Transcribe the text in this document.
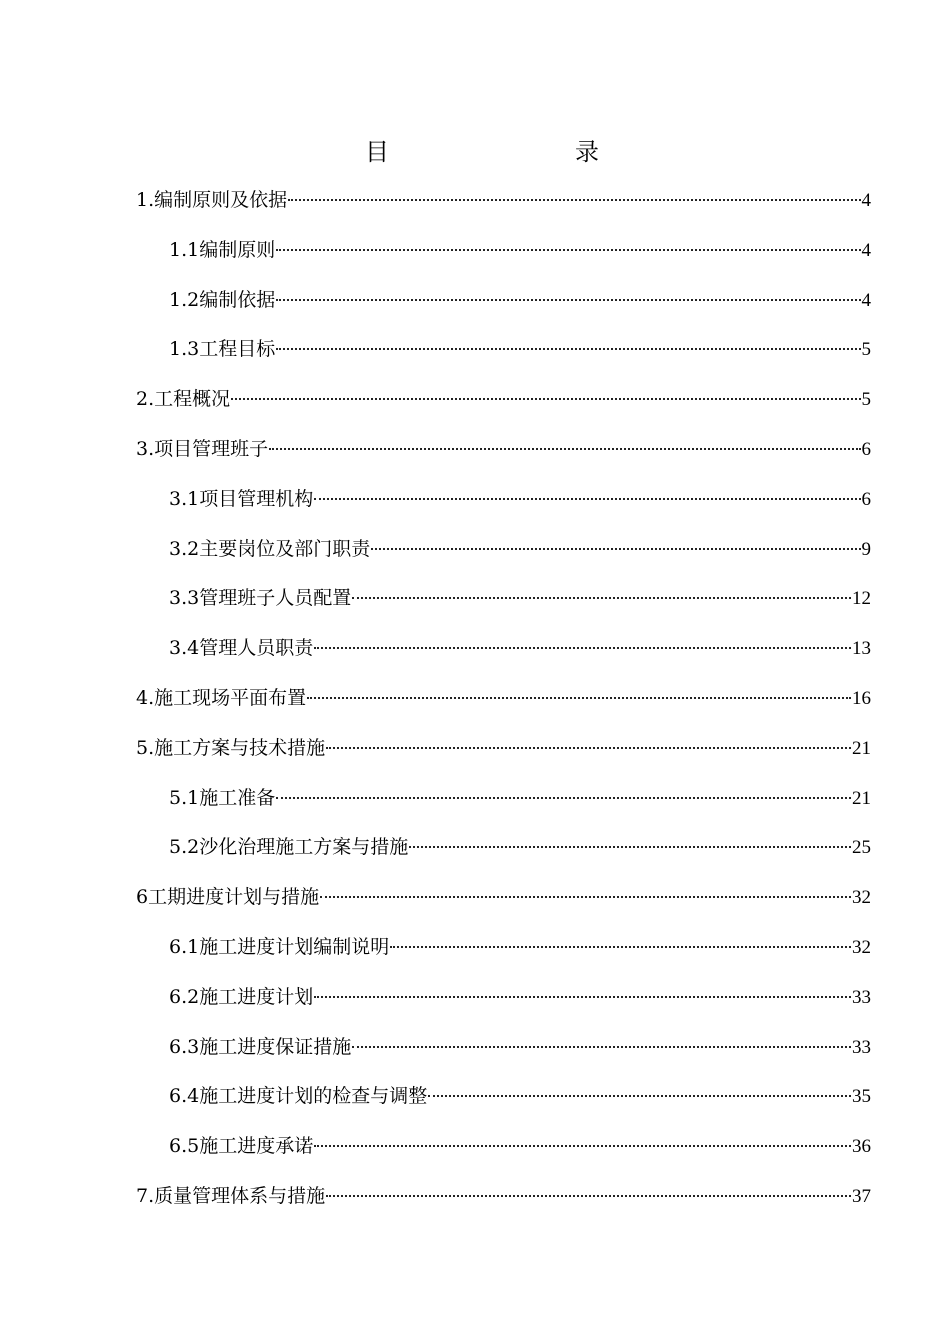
目　　录
1.编制原则及依据	4
1.1编制原则	4
1.2编制依据	4
1.3工程目标	5
2.工程概况	5
3.项目管理班子	6
3.1项目管理机构	6
3.2主要岗位及部门职责	9
3.3管理班子人员配置	12
3.4管理人员职责	13
4.施工现场平面布置	16
5.施工方案与技术措施	21
5.1施工准备	21
5.2沙化治理施工方案与措施	25
6工期进度计划与措施	32
6.1施工进度计划编制说明	32
6.2施工进度计划	33
6.3施工进度保证措施	33
6.4施工进度计划的检查与调整	35
6.5施工进度承诺	36
7.质量管理体系与措施	37
